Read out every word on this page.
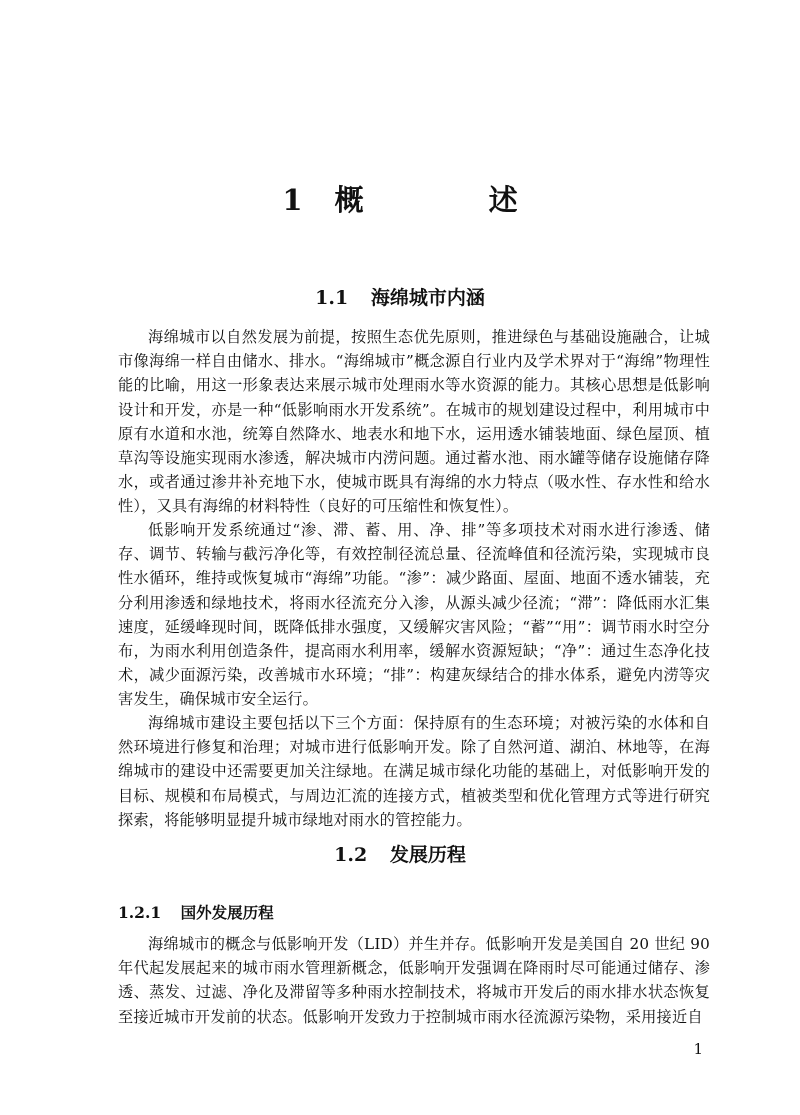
1 概　述
1.1 海绵城市内涵

海绵城市以自然发展为前提，按照生态优先原则，推进绿色与基础设施融合，让城市像海绵一样自由储水、排水。“海绵城市”概念源自行业内及学术界对于“海绵”物理性能的比喻，用这一形象表达来展示城市处理雨水等水资源的能力。其核心思想是低影响设计和开发，亦是一种“低影响雨水开发系统”。在城市的规划建设过程中，利用城市中原有水道和水池，统筹自然降水、地表水和地下水，运用透水铺装地面、绿色屋顶、植草沟等设施实现雨水渗透，解决城市内涝问题。通过蓄水池、雨水罐等储存设施储存降水，或者通过渗井补充地下水，使城市既具有海绵的水力特点（吸水性、存水性和给水性），又具有海绵的材料特性（良好的可压缩性和恢复性）。

低影响开发系统通过“渗、滞、蓄、用、净、排”等多项技术对雨水进行渗透、储存、调节、转输与截污净化等，有效控制径流总量、径流峰值和径流污染，实现城市良性水循环，维持或恢复城市“海绵”功能。“渗”：减少路面、屋面、地面不透水铺装，充分利用渗透和绿地技术，将雨水径流充分入渗，从源头减少径流；“滞”：降低雨水汇集速度，延缓峰现时间，既降低排水强度，又缓解灾害风险；“蓄”“用”：调节雨水时空分布，为雨水利用创造条件，提高雨水利用率，缓解水资源短缺；“净”：通过生态净化技术，减少面源污染，改善城市水环境；“排”：构建灰绿结合的排水体系，避免内涝等灾害发生，确保城市安全运行。

海绵城市建设主要包括以下三个方面：保持原有的生态环境；对被污染的水体和自然环境进行修复和治理；对城市进行低影响开发。除了自然河道、湖泊、林地等，在海绵城市的建设中还需要更加关注绿地。在满足城市绿化功能的基础上，对低影响开发的目标、规模和布局模式，与周边汇流的连接方式，植被类型和优化管理方式等进行研究探索，将能够明显提升城市绿地对雨水的管控能力。

1.2 发展历程
1.2.1 国外发展历程

海绵城市的概念与低影响开发（LID）并生并存。低影响开发是美国自 20 世纪 90 年代起发展起来的城市雨水管理新概念，低影响开发强调在降雨时尽可能通过储存、渗透、蒸发、过滤、净化及滞留等多种雨水控制技术，将城市开发后的雨水排水状态恢复至接近城市开发前的状态。低影响开发致力于控制城市雨水径流源污染物，采用接近自

1
